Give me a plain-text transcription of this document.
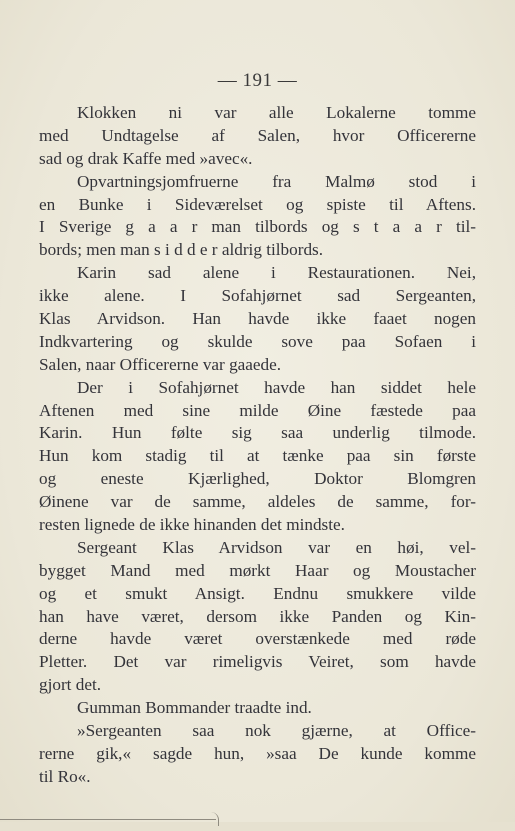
— 191 —
Klokken ni var alle Lokalerne tomme
med Undtagelse af Salen, hvor Officererne
sad og drak Kaffe med »avec«.
Opvartningsjomfruerne fra Malmø stod i
en Bunke i Sideværelset og spiste til Aftens.
I Sverige g a a r man tilbords og s t a a r til-
bords; men man s i d d e r aldrig tilbords.
Karin sad alene i Restaurationen. Nei,
ikke alene. I Sofahjørnet sad Sergeanten,
Klas Arvidson. Han havde ikke faaet nogen
Indkvartering og skulde sove paa Sofaen i
Salen, naar Officererne var gaaede.
Der i Sofahjørnet havde han siddet hele
Aftenen med sine milde Øine fæstede paa
Karin. Hun følte sig saa underlig tilmode.
Hun kom stadig til at tænke paa sin første
og eneste Kjærlighed, Doktor Blomgren
Øinene var de samme, aldeles de samme, for-
resten lignede de ikke hinanden det mindste.
Sergeant Klas Arvidson var en høi, vel-
bygget Mand med mørkt Haar og Moustacher
og et smukt Ansigt. Endnu smukkere vilde
han have været, dersom ikke Panden og Kin-
derne havde været overstænkede med røde
Pletter. Det var rimeligvis Veiret, som havde
gjort det.
Gumman Bommander traadte ind.
»Sergeanten saa nok gjærne, at Office-
rerne gik,« sagde hun, »saa De kunde komme
til Ro«.
